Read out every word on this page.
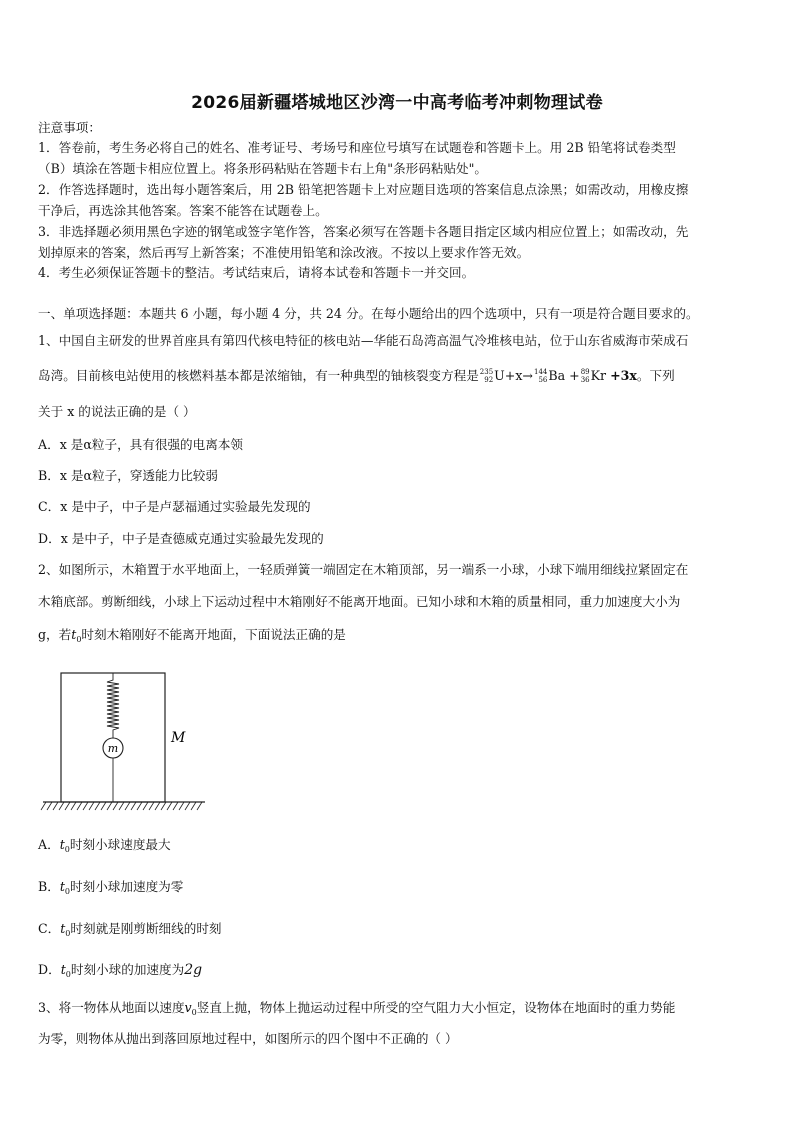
2026届新疆塔城地区沙湾一中高考临考冲刺物理试卷
注意事项：
1．答卷前，考生务必将自己的姓名、准考证号、考场号和座位号填写在试题卷和答题卡上。用 2B 铅笔将试卷类型
（B）填涂在答题卡相应位置上。将条形码粘贴在答题卡右上角"条形码粘贴处"。
2．作答选择题时，选出每小题答案后，用 2B 铅笔把答题卡上对应题目选项的答案信息点涂黑；如需改动，用橡皮擦
干净后，再选涂其他答案。答案不能答在试题卷上。
3．非选择题必须用黑色字迹的钢笔或签字笔作答，答案必须写在答题卡各题目指定区域内相应位置上；如需改动，先
划掉原来的答案，然后再写上新答案；不准使用铅笔和涂改液。不按以上要求作答无效。
4．考生必须保证答题卡的整洁。考试结束后，请将本试卷和答题卡一并交回。
一、单项选择题：本题共 6 小题，每小题 4 分，共 24 分。在每小题给出的四个选项中，只有一项是符合题目要求的。
1、中国自主研发的世界首座具有第四代核电特征的核电站—华能石岛湾高温气冷堆核电站，位于山东省威海市荣成石
岛湾。目前核电站使用的核燃料基本都是浓缩铀，有一种典型的铀核裂变方程是 235
92 U+x→ 144
56 Ba + 89
36 Kr +3x。下列
关于 x 的说法正确的是（ ）
A．x 是α粒子，具有很强的电离本领
B．x 是α粒子，穿透能力比较弱
C．x 是中子，中子是卢瑟福通过实验最先发现的
D．x 是中子，中子是查德威克通过实验最先发现的
2、如图所示，木箱置于水平地面上，一轻质弹簧一端固定在木箱顶部，另一端系一小球，小球下端用细线拉紧固定在
木箱底部。剪断细线，小球上下运动过程中木箱刚好不能离开地面。已知小球和木箱的质量相同，重力加速度大小为
g，若$t_0$时刻木箱刚好不能离开地面，下面说法正确的是
m
M
A．$t_0$时刻小球速度最大
B．$t_0$时刻小球加速度为零
C．$t_0$时刻就是刚剪断细线的时刻
D．$t_0$时刻小球的加速度为2g
3、将一物体从地面以速度$v_0$竖直上抛，物体上抛运动过程中所受的空气阻力大小恒定，设物体在地面时的重力势能
为零，则物体从抛出到落回原地过程中，如图所示的四个图中不正确的（ ）
